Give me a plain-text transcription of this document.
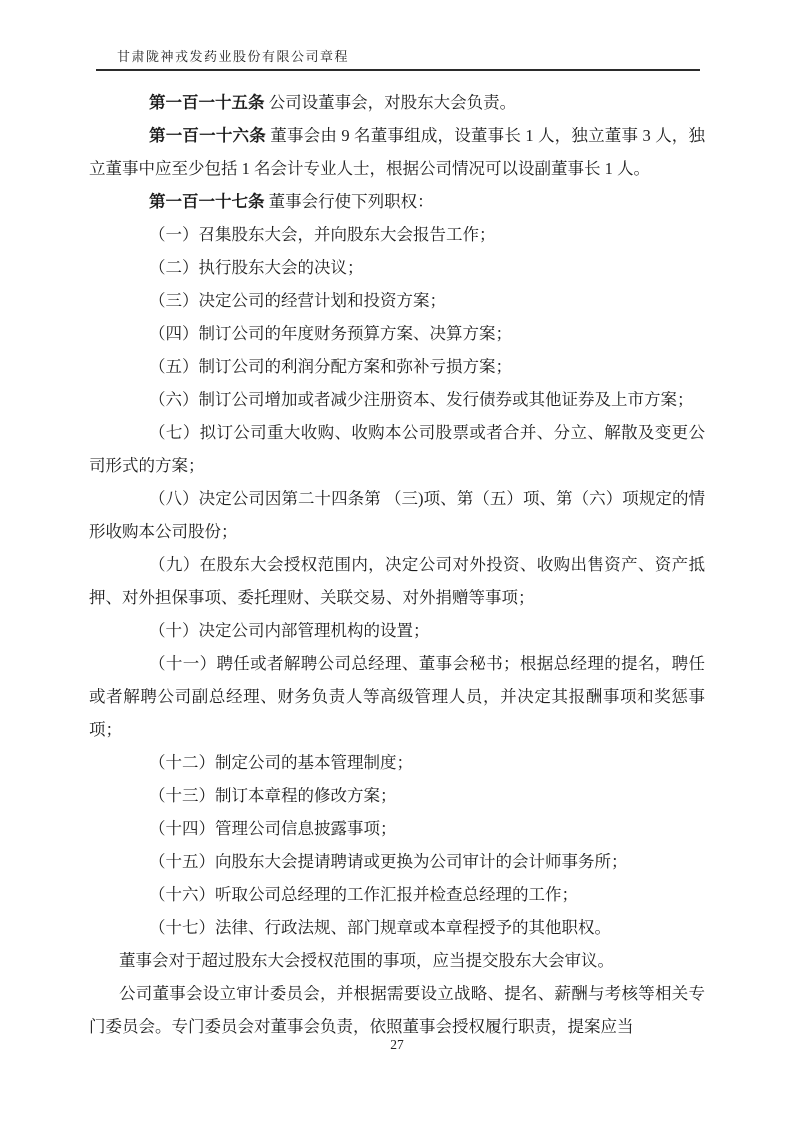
甘肃陇神戎发药业股份有限公司章程

第一百一十五条 公司设董事会，对股东大会负责。

第一百一十六条 董事会由 9 名董事组成，设董事长 1 人，独立董事 3 人，独立董事中应至少包括 1 名会计专业人士，根据公司情况可以设副董事长 1 人。

第一百一十七条 董事会行使下列职权：

（一）召集股东大会，并向股东大会报告工作；

（二）执行股东大会的决议；

（三）决定公司的经营计划和投资方案；

（四）制订公司的年度财务预算方案、决算方案；

（五）制订公司的利润分配方案和弥补亏损方案；

（六）制订公司增加或者减少注册资本、发行债券或其他证券及上市方案；

（七）拟订公司重大收购、收购本公司股票或者合并、分立、解散及变更公司形式的方案；

（八）决定公司因第二十四条第 （三)项、第（五）项、第（六）项规定的情形收购本公司股份；

（九）在股东大会授权范围内，决定公司对外投资、收购出售资产、资产抵押、对外担保事项、委托理财、关联交易、对外捐赠等事项；

（十）决定公司内部管理机构的设置；

（十一）聘任或者解聘公司总经理、董事会秘书；根据总经理的提名，聘任或者解聘公司副总经理、财务负责人等高级管理人员，并决定其报酬事项和奖惩事项；

（十二）制定公司的基本管理制度；

（十三）制订本章程的修改方案；

（十四）管理公司信息披露事项；

（十五）向股东大会提请聘请或更换为公司审计的会计师事务所；

（十六）听取公司总经理的工作汇报并检查总经理的工作；

（十七）法律、行政法规、部门规章或本章程授予的其他职权。

董事会对于超过股东大会授权范围的事项，应当提交股东大会审议。

公司董事会设立审计委员会，并根据需要设立战略、提名、薪酬与考核等相关专门委员会。专门委员会对董事会负责，依照董事会授权履行职责，提案应当

27
